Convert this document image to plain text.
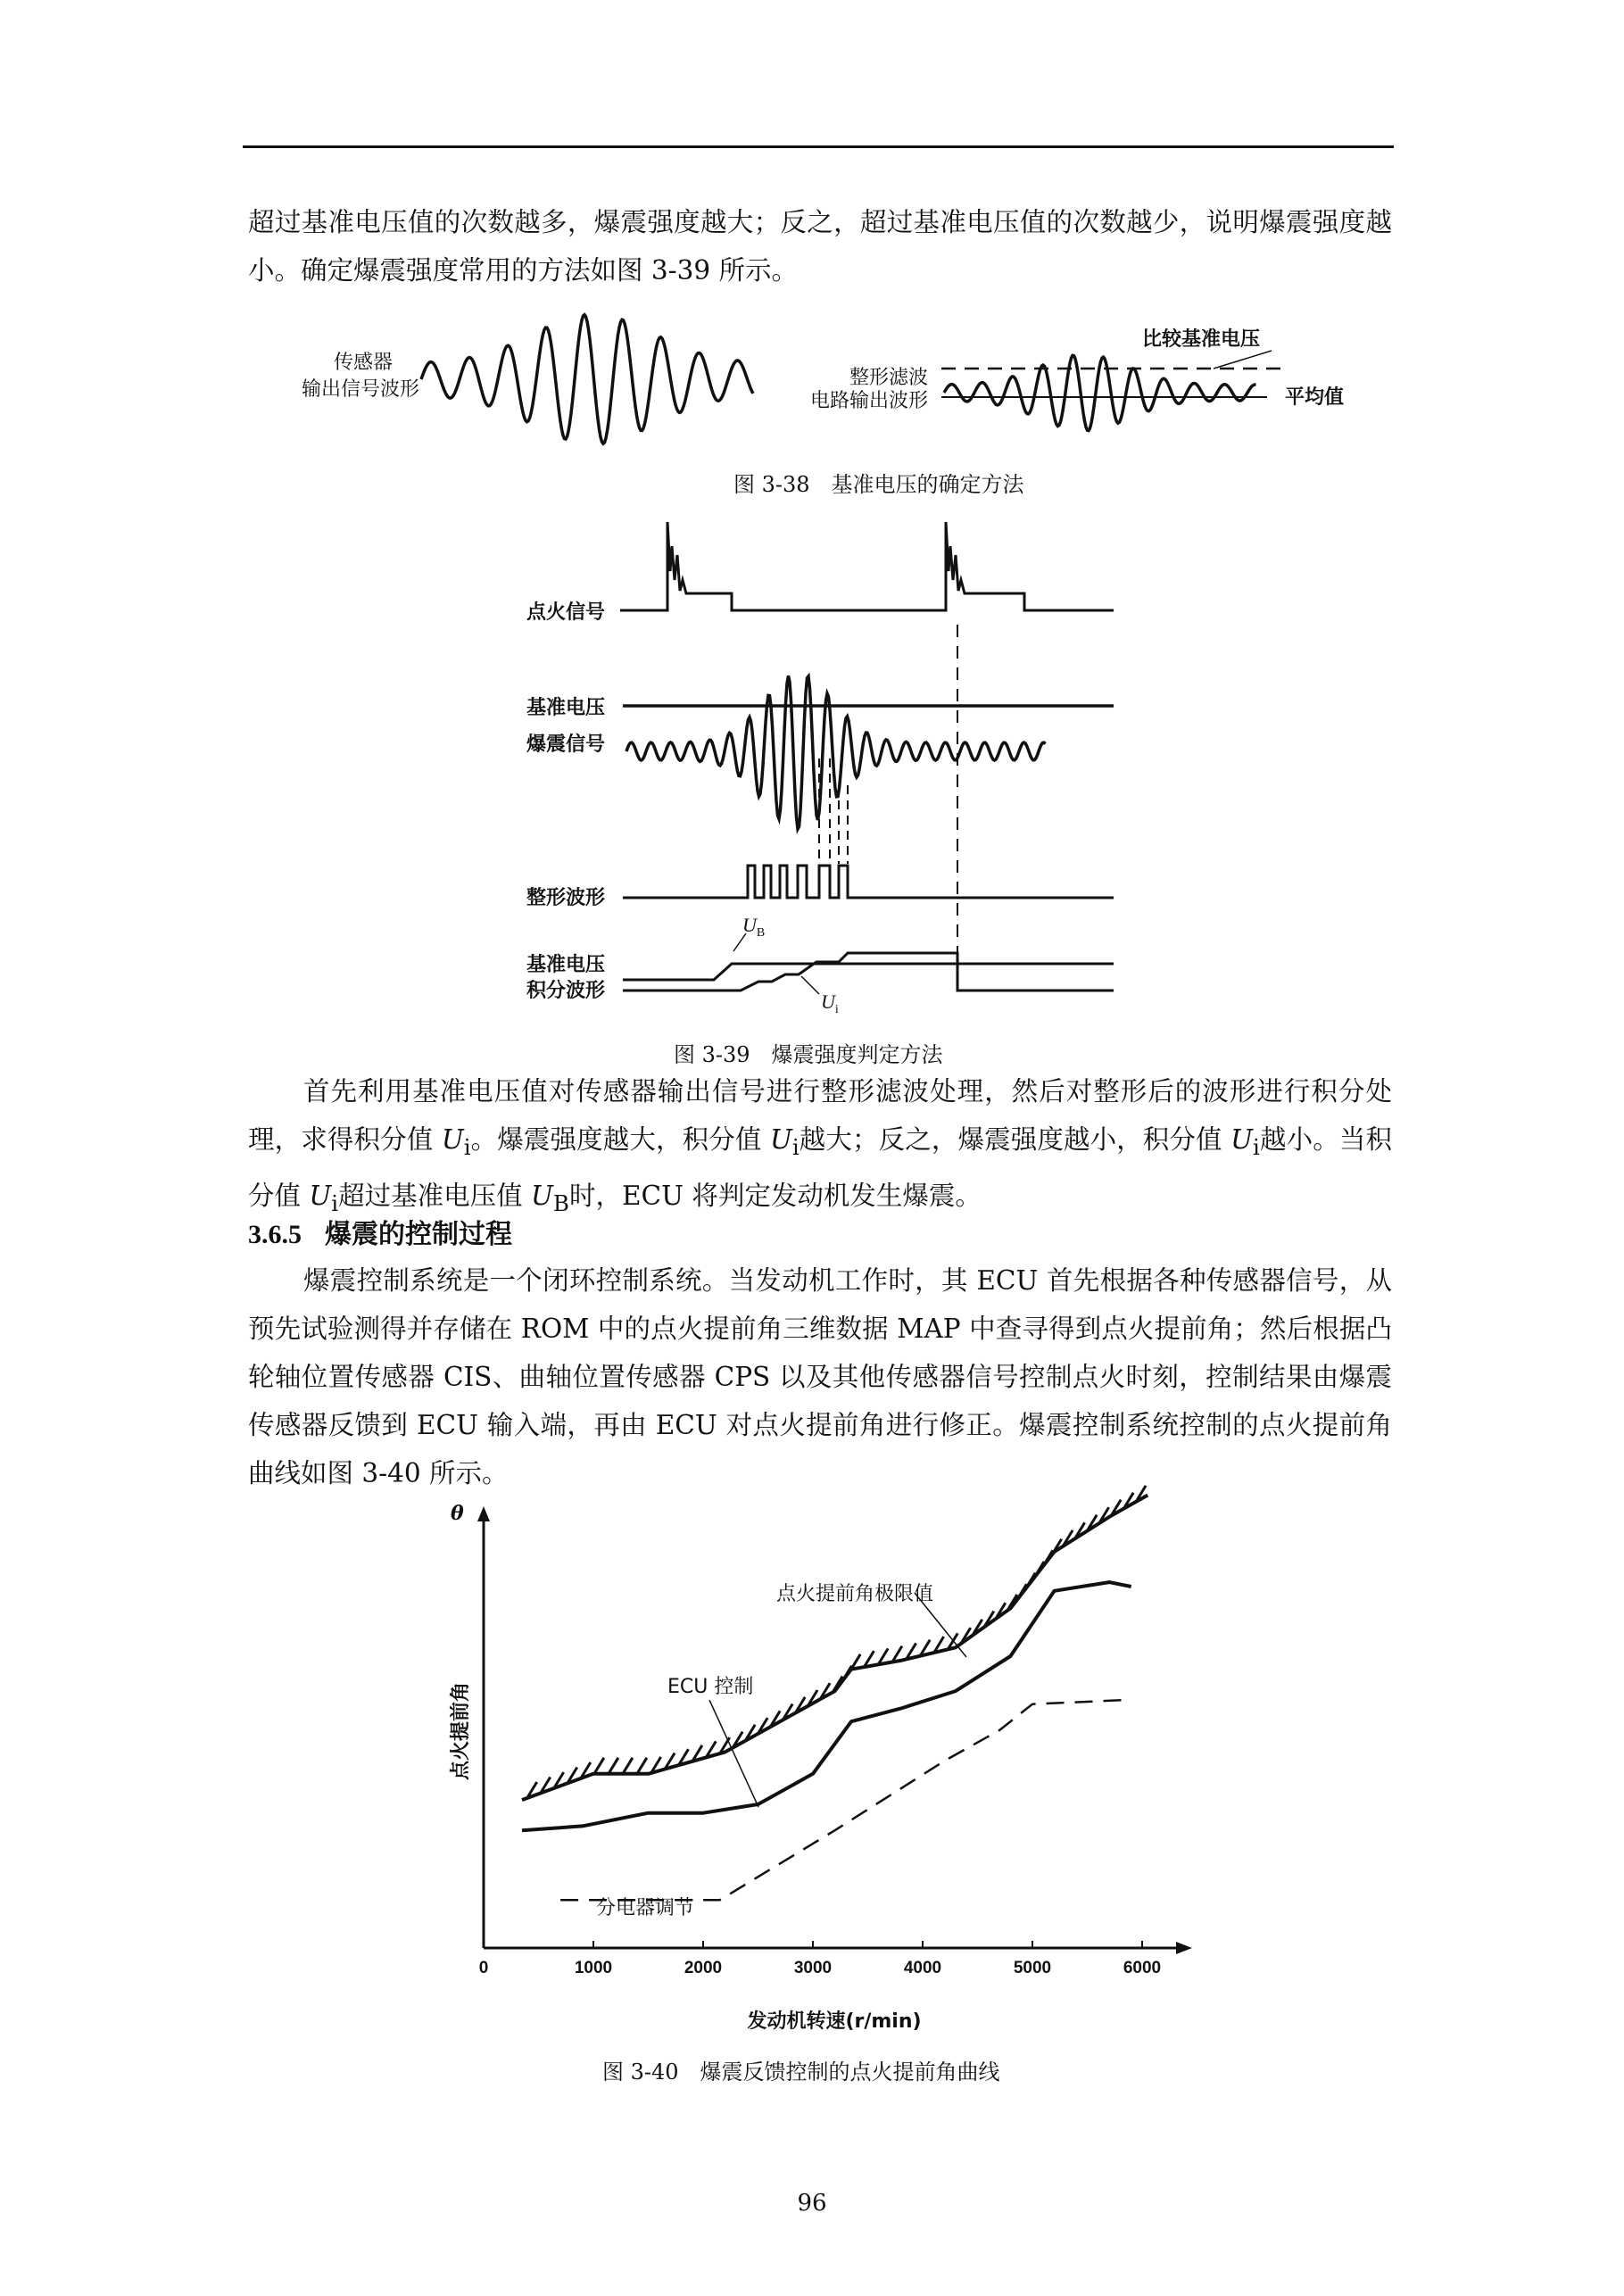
超过基准电压值的次数越多，爆震强度越大；反之，超过基准电压值的次数越少，说明爆震强度越小。确定爆震强度常用的方法如图 3-39 所示。

传感器
输出信号波形
整形滤波
电路输出波形
比较基准电压
平均值
图 3-38　基准电压的确定方法
点火信号
基准电压
爆震信号
整形波形
基准电压
积分波形
$U_B$
$U_i$
图 3-39　爆震强度判定方法

首先利用基准电压值对传感器输出信号进行整形滤波处理，然后对整形后的波形进行积分处理，求得积分值 $U_i$。爆震强度越大，积分值 $U_i$越大；反之，爆震强度越小，积分值 $U_i$越小。当积分值 $U_i$超过基准电压值 $U_B$时，ECU 将判定发动机发生爆震。

3.6.5 爆震的控制过程

爆震控制系统是一个闭环控制系统。当发动机工作时，其 ECU 首先根据各种传感器信号，从预先试验测得并存储在 ROM 中的点火提前角三维数据 MAP 中查寻得到点火提前角；然后根据凸轮轴位置传感器 CIS、曲轴位置传感器 CPS 以及其他传感器信号控制点火时刻，控制结果由爆震传感器反馈到 ECU 输入端，再由 ECU 对点火提前角进行修正。爆震控制系统控制的点火提前角曲线如图 3-40 所示。

θ
点火提前角
发动机转速(r/min)
0	1000	2000	3000	4000	5000	6000
点火提前角极限值
ECU 控制
分电器调节
图 3-40　爆震反馈控制的点火提前角曲线
96
